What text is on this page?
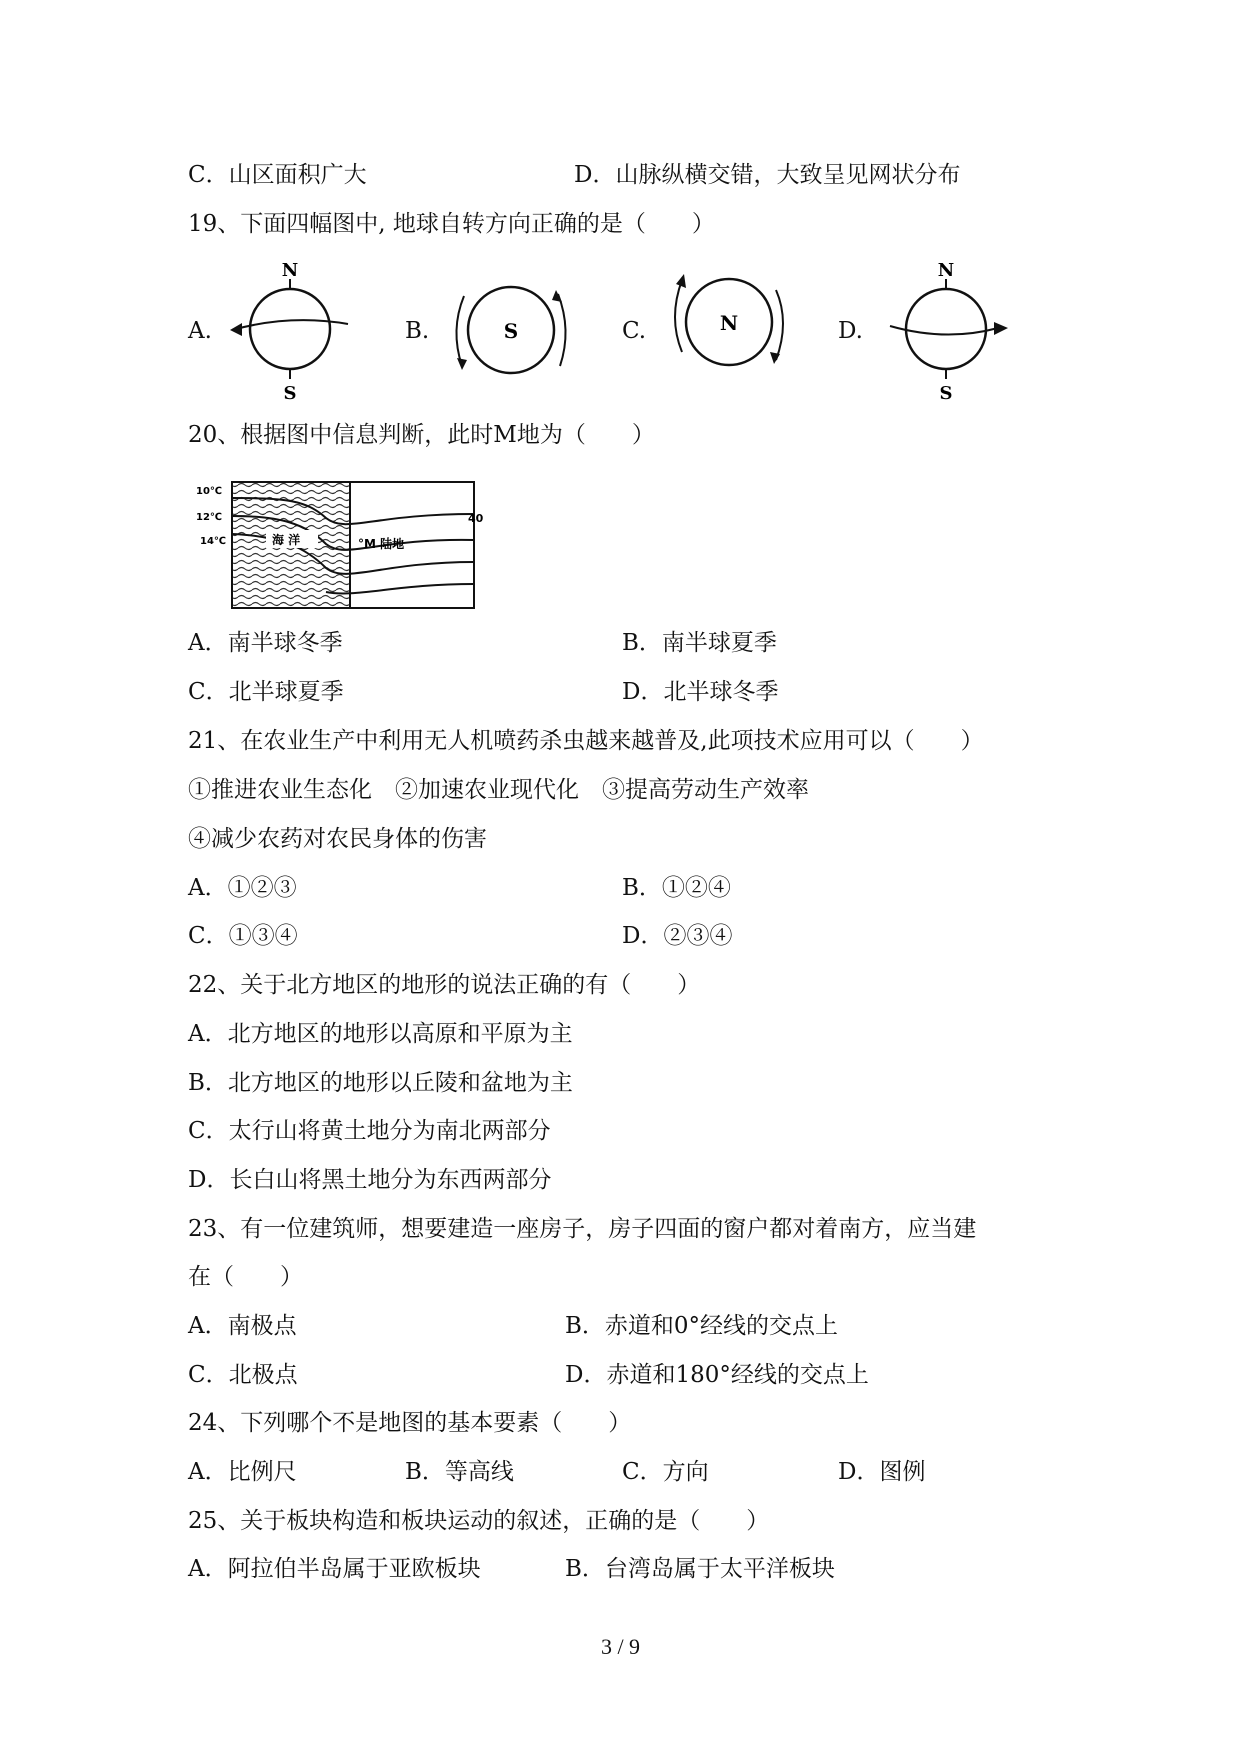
C．山区面积广大	D．山脉纵横交错，大致呈见网状分布
19、下面四幅图中, 地球自转方向正确的是（　　）
A.
N
S
B.	S	C.	N	D.
N
S
20、根据图中信息判断，此时M地为（　　）
10℃
12℃
14℃	海 洋	°M 陆地
40
A．南半球冬季	B．南半球夏季
C．北半球夏季	D．北半球冬季
21、在农业生产中利用无人机喷药杀虫越来越普及,此项技术应用可以（　　）
①推进农业生态化　②加速农业现代化　③提高劳动生产效率
④减少农药对农民身体的伤害
A．①②③	B．①②④
C．①③④	D．②③④
22、关于北方地区的地形的说法正确的有（　　）
A．北方地区的地形以高原和平原为主
B．北方地区的地形以丘陵和盆地为主
C．太行山将黄土地分为南北两部分
D．长白山将黑土地分为东西两部分
23、有一位建筑师，想要建造一座房子，房子四面的窗户都对着南方，应当建
在（　　）
A．南极点	B．赤道和0°经线的交点上
C．北极点	D．赤道和180°经线的交点上
24、下列哪个不是地图的基本要素（　　）
A．比例尺	B．等高线	C．方向	D．图例
25、关于板块构造和板块运动的叙述，正确的是（　　）
A．阿拉伯半岛属于亚欧板块	B．台湾岛属于太平洋板块
3 / 9
